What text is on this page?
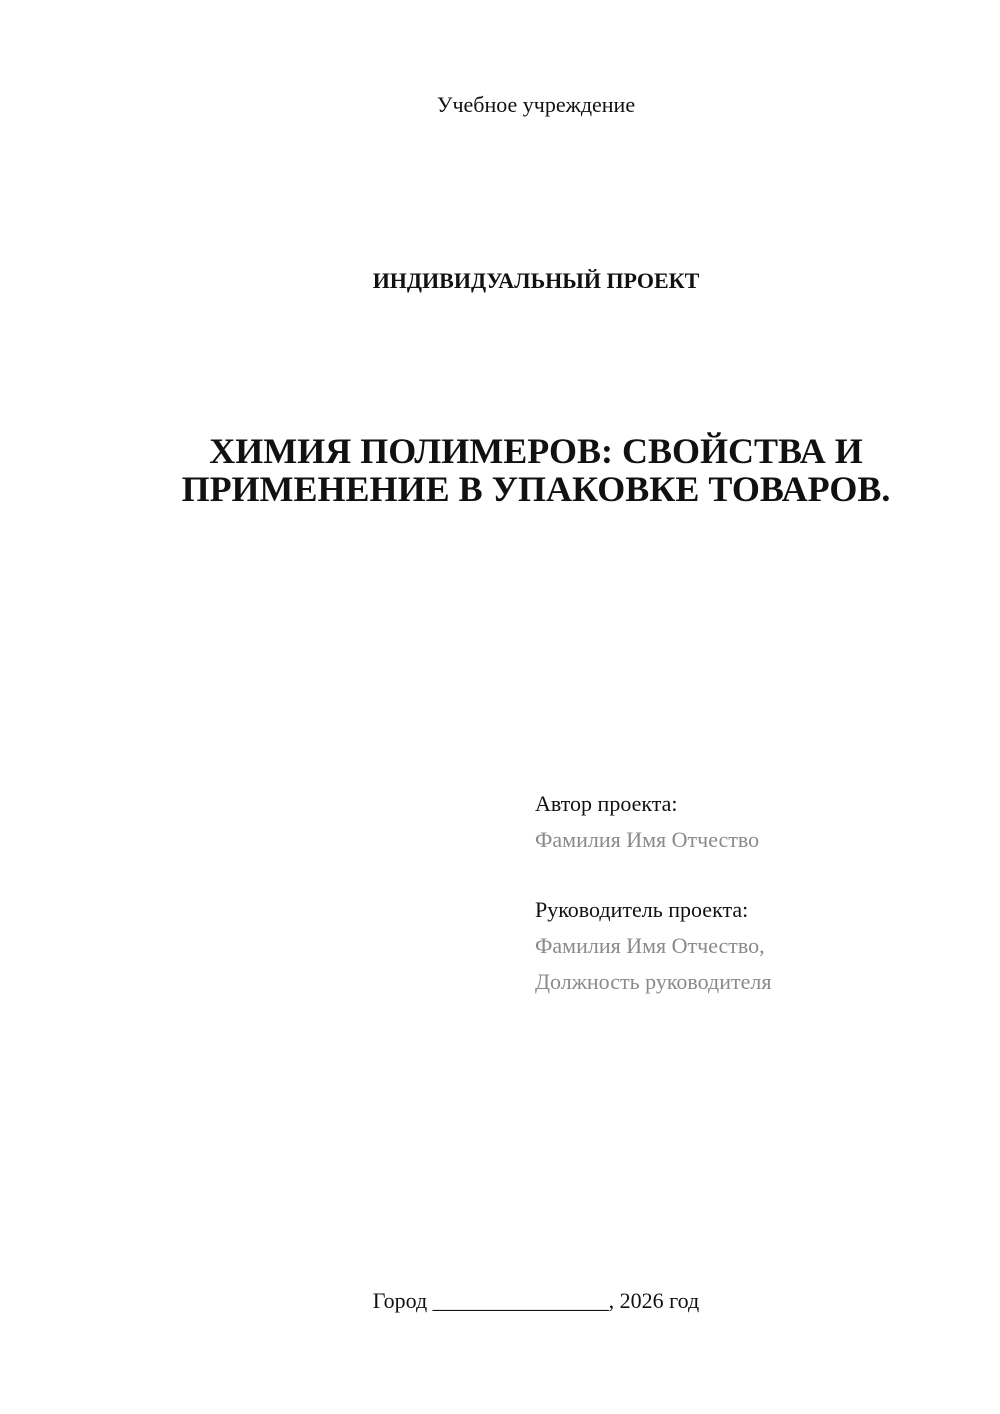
Учебное учреждение
ИНДИВИДУАЛЬНЫЙ ПРОЕКТ
ХИМИЯ ПОЛИМЕРОВ: СВОЙСТВА И
ПРИМЕНЕНИЕ В УПАКОВКЕ ТОВАРОВ.
Автор проекта:
Фамилия Имя Отчество
Руководитель проекта:
Фамилия Имя Отчество,
Должность руководителя
Город ________________, 2026 год
